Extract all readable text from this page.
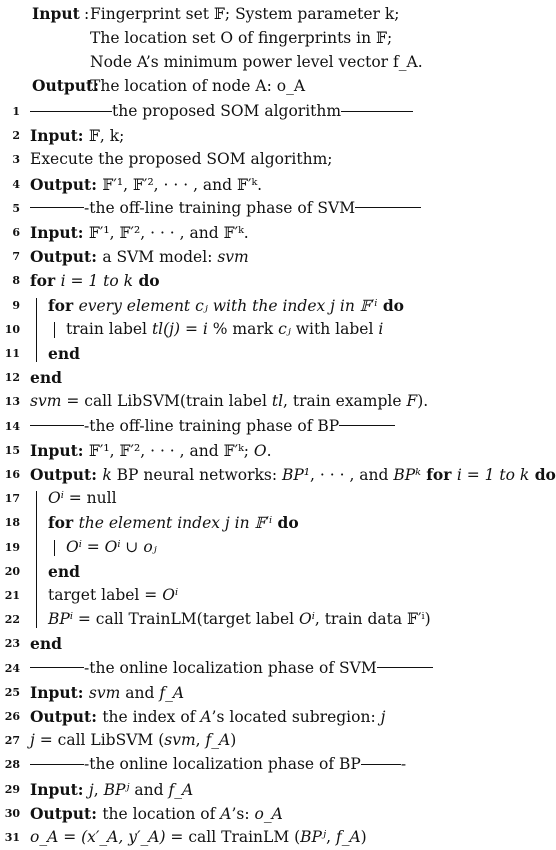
Input : Fingerprint set 𝔽; System parameter k;
The location set O of fingerprints in 𝔽;
Node A’s minimum power level vector f_A.
Output:
The location of node A: o_A
1	the proposed SOM algorithm
2 Input: 𝔽, k;
3 Execute the proposed SOM algorithm;
4 Output: 𝔽′¹, 𝔽′², · · · , and 𝔽′ᵏ.
5	-the off-line training phase of SVM
6 Input: 𝔽′¹, 𝔽′², · · · , and 𝔽′ᵏ.
7 Output: a SVM model: svm
8 for i = 1 to k do
9 for every element cⱼ with the index j in 𝔽′ⁱ do
10	train label tl(j) = i % mark cⱼ with label i
11 end
12 end
13 svm = call LibSVM(train label tl, train example F).
14	-the off-line training phase of BP
15 Input: 𝔽′¹, 𝔽′², · · · , and 𝔽′ᵏ; O.
16 Output: k BP neural networks: BP¹, · · · , and BPᵏ for i = 1 to k do
17 Oⁱ = null
18 for the element index j in 𝔽′ⁱ do
19	Oⁱ = Oⁱ ∪ oⱼ
20 end
21 target label = Oⁱ
22 BPⁱ = call TrainLM(target label Oⁱ, train data 𝔽′ⁱ)
23 end
24	-the online localization phase of SVM
25 Input: svm and f_A
26 Output: the index of A’s located subregion: j
27 j = call LibSVM (svm, f_A)
28	-the online localization phase of BP	-
29 Input: j, BPʲ and f_A
30 Output: the location of A’s: o_A
31 o_A = (x′_A, y′_A) = call TrainLM (BPʲ, f_A)
